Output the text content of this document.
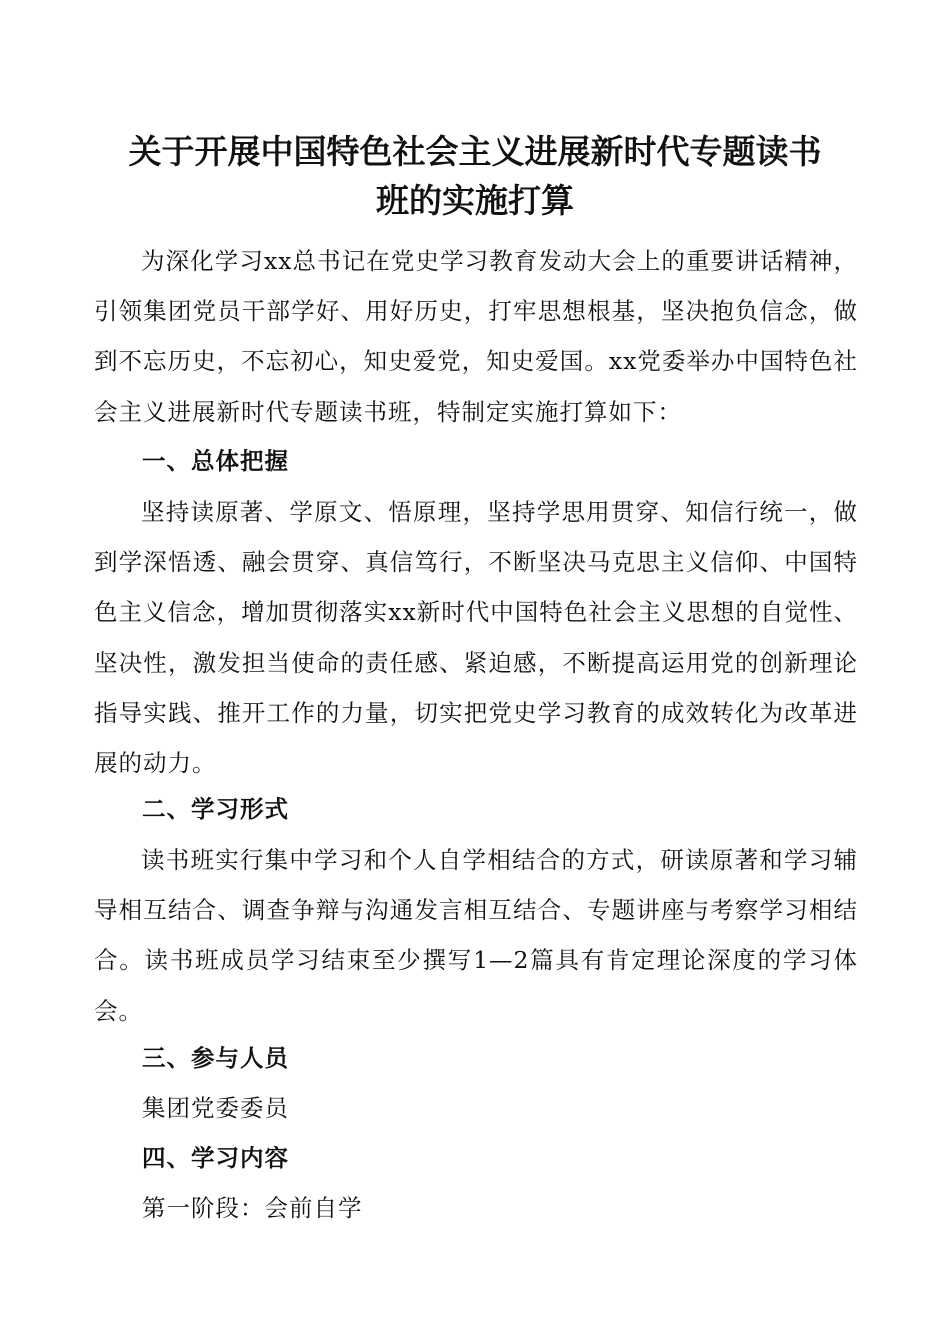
关于开展中国特色社会主义进展新时代专题读书
班的实施打算

为深化学习xx总书记在党史学习教育发动大会上的重要讲话精神，引领集团党员干部学好、用好历史，打牢思想根基，坚决抱负信念，做到不忘历史，不忘初心，知史爱党，知史爱国。xx党委举办中国特色社会主义进展新时代专题读书班，特制定实施打算如下：

一、总体把握

坚持读原著、学原文、悟原理，坚持学思用贯穿、知信行统一，做到学深悟透、融会贯穿、真信笃行，不断坚决马克思主义信仰、中国特色主义信念，增加贯彻落实xx新时代中国特色社会主义思想的自觉性、坚决性，激发担当使命的责任感、紧迫感，不断提高运用党的创新理论指导实践、推开工作的力量，切实把党史学习教育的成效转化为改革进展的动力。

二、学习形式

读书班实行集中学习和个人自学相结合的方式，研读原著和学习辅导相互结合、调查争辩与沟通发言相互结合、专题讲座与考察学习相结合。读书班成员学习结束至少撰写1—2篇具有肯定理论深度的学习体会。

三、参与人员

集团党委委员

四、学习内容

第一阶段：会前自学
